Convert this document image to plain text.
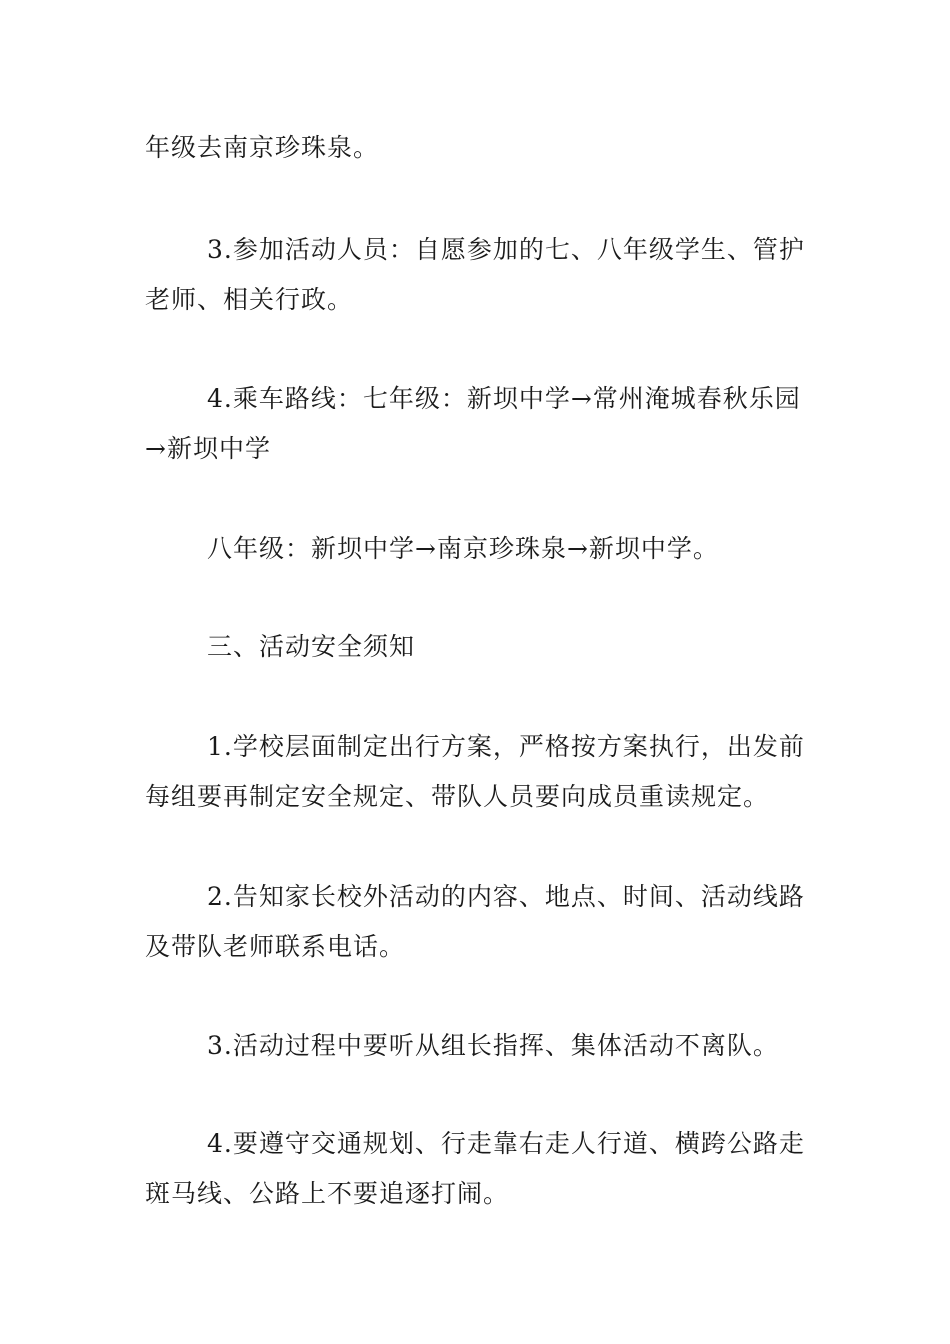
年级去南京珍珠泉。

3.参加活动人员：自愿参加的七、八年级学生、管护
老师、相关行政。

4.乘车路线：七年级：新坝中学→常州淹城春秋乐园
→新坝中学

八年级：新坝中学→南京珍珠泉→新坝中学。

三、活动安全须知

1.学校层面制定出行方案，严格按方案执行，出发前
每组要再制定安全规定、带队人员要向成员重读规定。

2.告知家长校外活动的内容、地点、时间、活动线路
及带队老师联系电话。

3.活动过程中要听从组长指挥、集体活动不离队。

4.要遵守交通规划、行走靠右走人行道、横跨公路走
斑马线、公路上不要追逐打闹。
